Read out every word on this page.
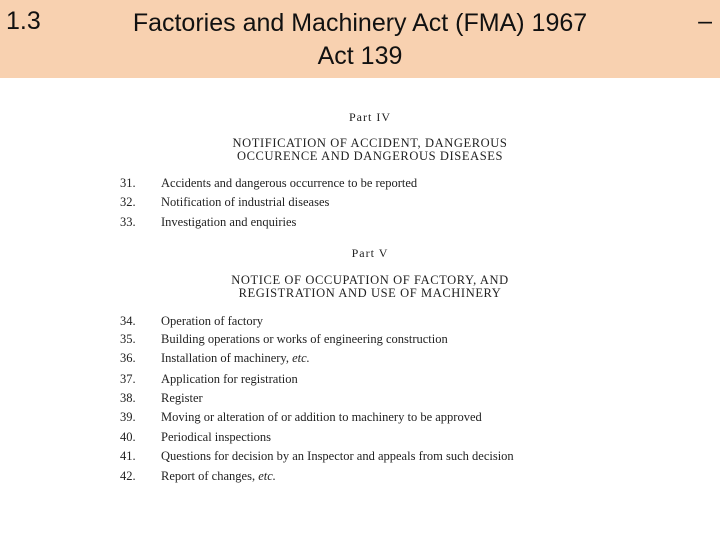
1.3	Factories and Machinery Act (FMA) 1967
Act 139
–
Part IV
NOTIFICATION OF ACCIDENT, DANGEROUS
OCCURENCE AND DANGEROUS DISEASES
31. Accidents and dangerous occurrence to be reported
32. Notification of industrial diseases
33. Investigation and enquiries
Part V
NOTICE OF OCCUPATION OF FACTORY, AND
REGISTRATION AND USE OF MACHINERY
34. Operation of factory
35. Building operations or works of engineering construction
36. Installation of machinery, etc.
37. Application for registration
38. Register
39. Moving or alteration of or addition to machinery to be approved
40. Periodical inspections
41. Questions for decision by an Inspector and appeals from such decision
42. Report of changes, etc.
